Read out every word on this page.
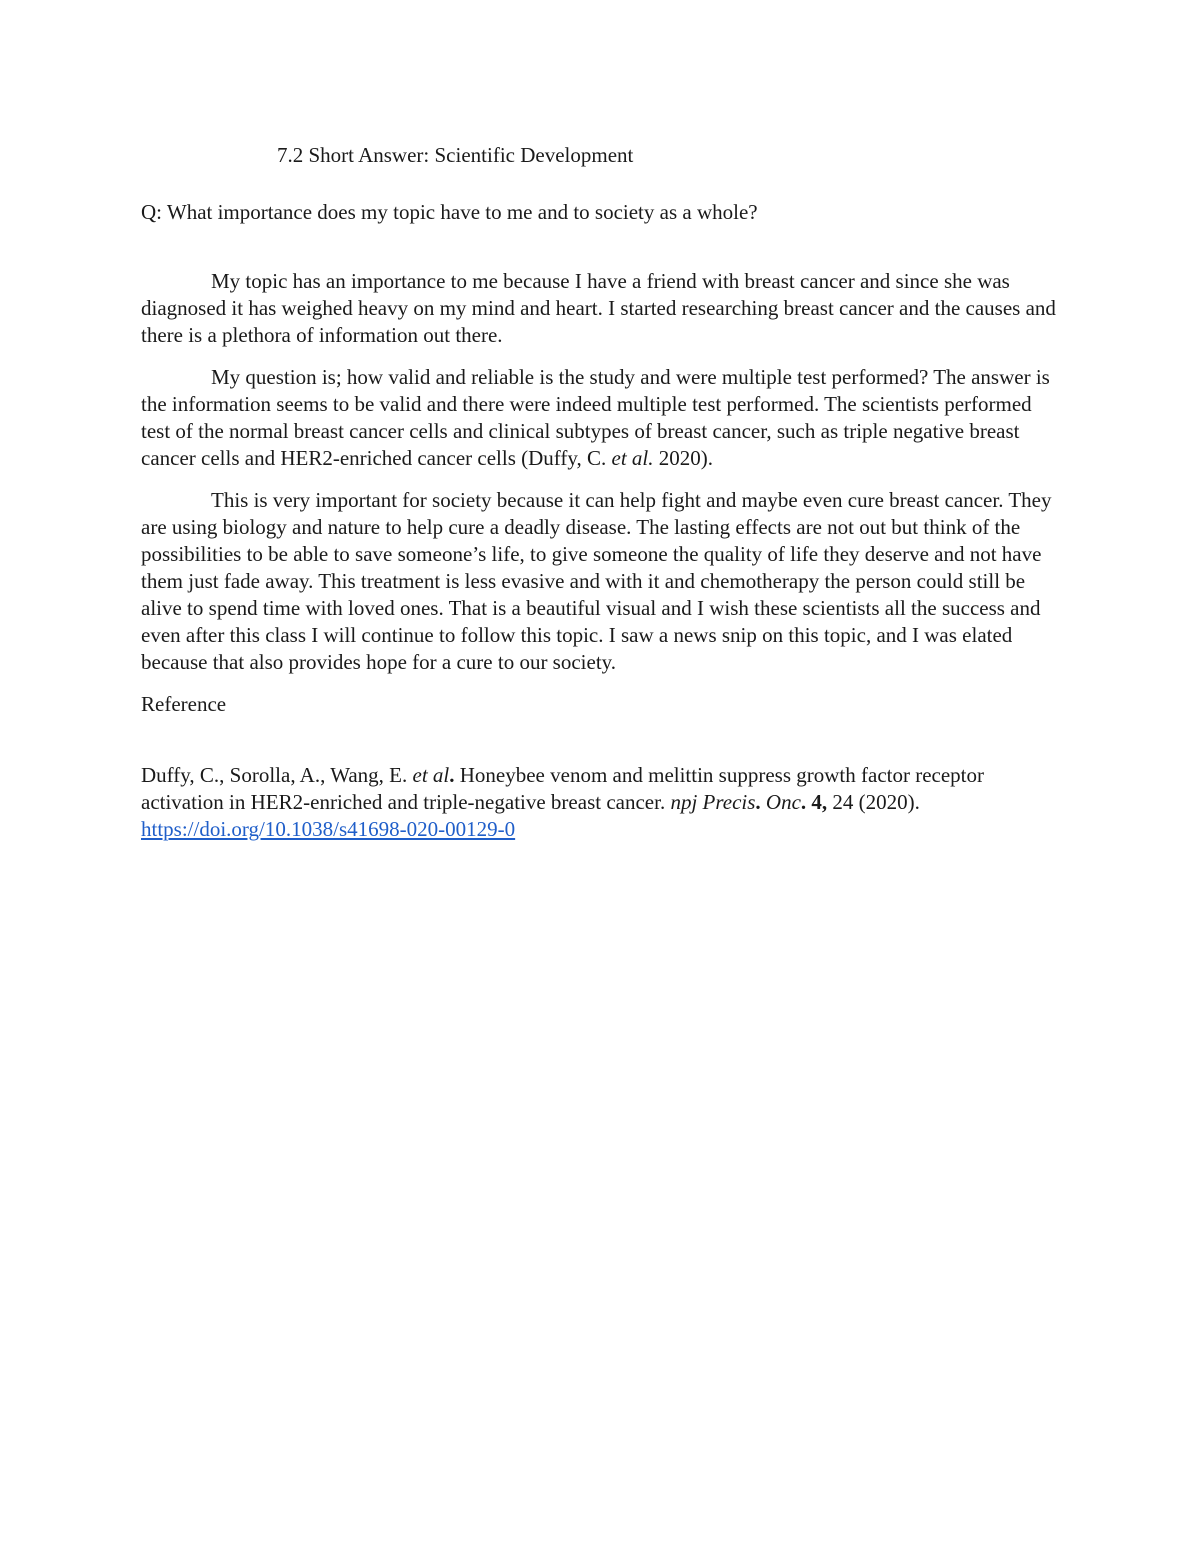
7.2 Short Answer: Scientific Development

Q: What importance does my topic have to me and to society as a whole?

My topic has an importance to me because I have a friend with breast cancer and since she was diagnosed it has weighed heavy on my mind and heart. I started researching breast cancer and the causes and there is a plethora of information out there.

My question is; how valid and reliable is the study and were multiple test performed? The answer is the information seems to be valid and there were indeed multiple test performed. The scientists performed test of the normal breast cancer cells and clinical subtypes of breast cancer, such as triple negative breast cancer cells and HER2-enriched cancer cells (Duffy, C. et al. 2020).

This is very important for society because it can help fight and maybe even cure breast cancer. They are using biology and nature to help cure a deadly disease. The lasting effects are not out but think of the possibilities to be able to save someone’s life, to give someone the quality of life they deserve and not have them just fade away. This treatment is less evasive and with it and chemotherapy the person could still be alive to spend time with loved ones. That is a beautiful visual and I wish these scientists all the success and even after this class I will continue to follow this topic. I saw a news snip on this topic, and I was elated because that also provides hope for a cure to our society.

Reference

Duffy, C., Sorolla, A., Wang, E. et al. Honeybee venom and melittin suppress growth factor receptor activation in HER2-enriched and triple-negative breast cancer. npj Precis. Onc. 4, 24 (2020). https://doi.org/10.1038/s41698-020-00129-0
